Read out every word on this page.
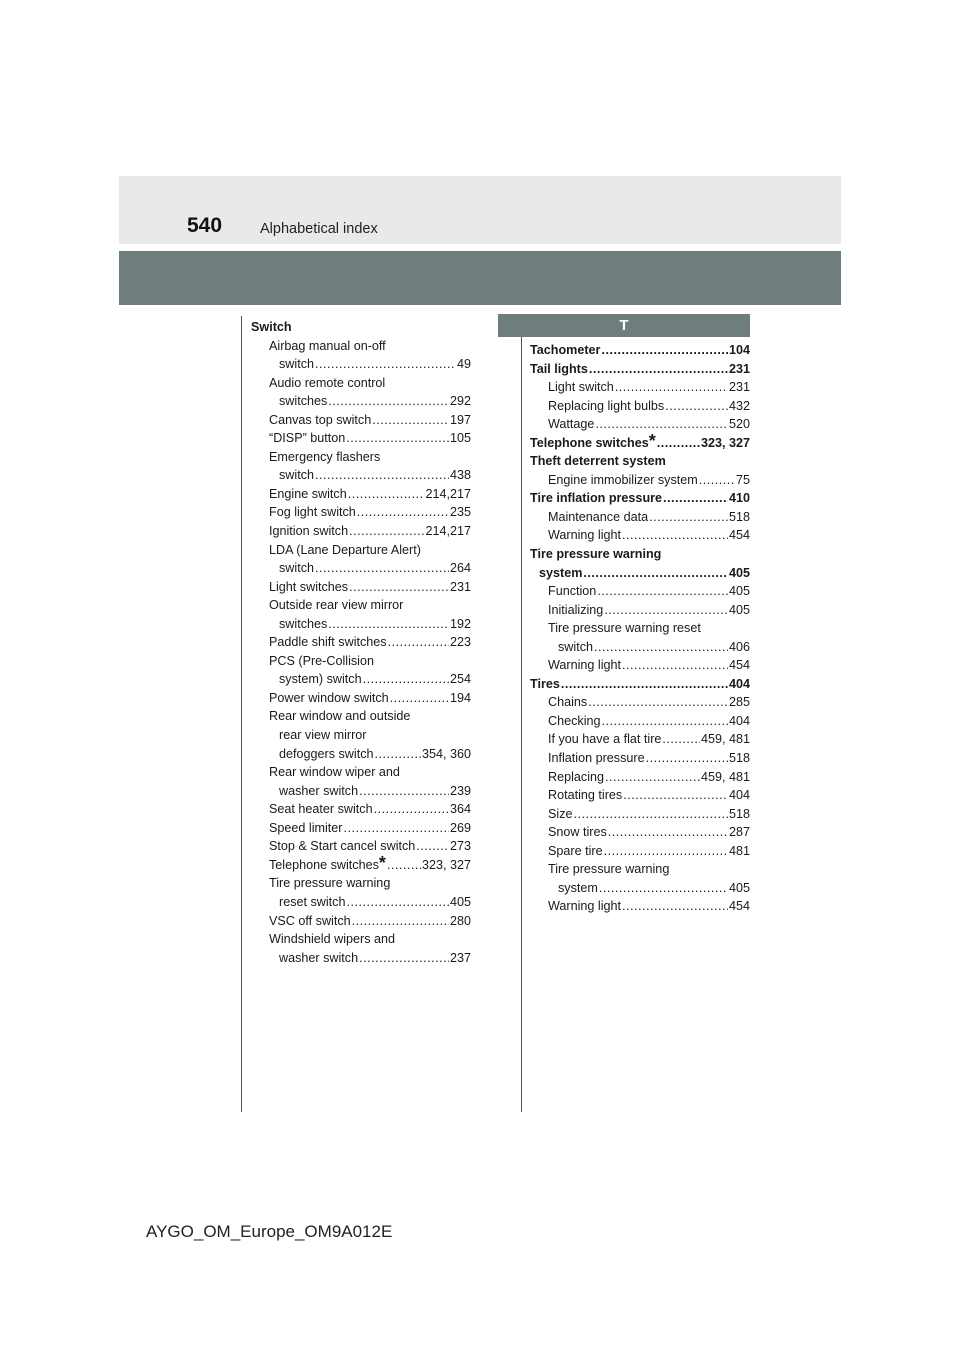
540	Alphabetical index
T
Switch
Airbag manual on-off
switch .....	49
Audio remote control
switches .....	292
Canvas top switch .....	197
“DISP” button .....	105
Emergency flashers
switch .....	438
Engine switch .....	214,217
Fog light switch .....	235
Ignition switch .....	214,217
LDA (Lane Departure Alert)
switch .....	264
Light switches .....	231
Outside rear view mirror
switches .....	192
Paddle shift switches .....	223
PCS (Pre-Collision
system) switch .....	254
Power window switch .....	194
Rear window and outside
rear view mirror
defoggers switch .....	354, 360
Rear window wiper and
washer switch .....	239
Seat heater switch .....	364
Speed limiter .....	269
Stop & Start cancel switch .....	273
Telephone switches * .....	323, 327
Tire pressure warning
reset switch .....	405
VSC off switch .....	280
Windshield wipers and
washer switch .....	237
Tachometer .....	104
Tail lights .....	231
Light switch .....	231
Replacing light bulbs .....	432
Wattage .....	520
Telephone switches * .....	323, 327
Theft deterrent system
Engine immobilizer system .....	75
Tire inflation pressure .....	410
Maintenance data .....	518
Warning light .....	454
Tire pressure warning
system .....	405
Function .....	405
Initializing .....	405
Tire pressure warning reset
switch .....	406
Warning light .....	454
Tires .....	404
Chains .....	285
Checking .....	404
If you have a flat tire .....	459, 481
Inflation pressure .....	518
Replacing .....	459, 481
Rotating tires .....	404
Size .....	518
Snow tires .....	287
Spare tire .....	481
Tire pressure warning
system .....	405
Warning light .....	454
AYGO_OM_Europe_OM9A012E
